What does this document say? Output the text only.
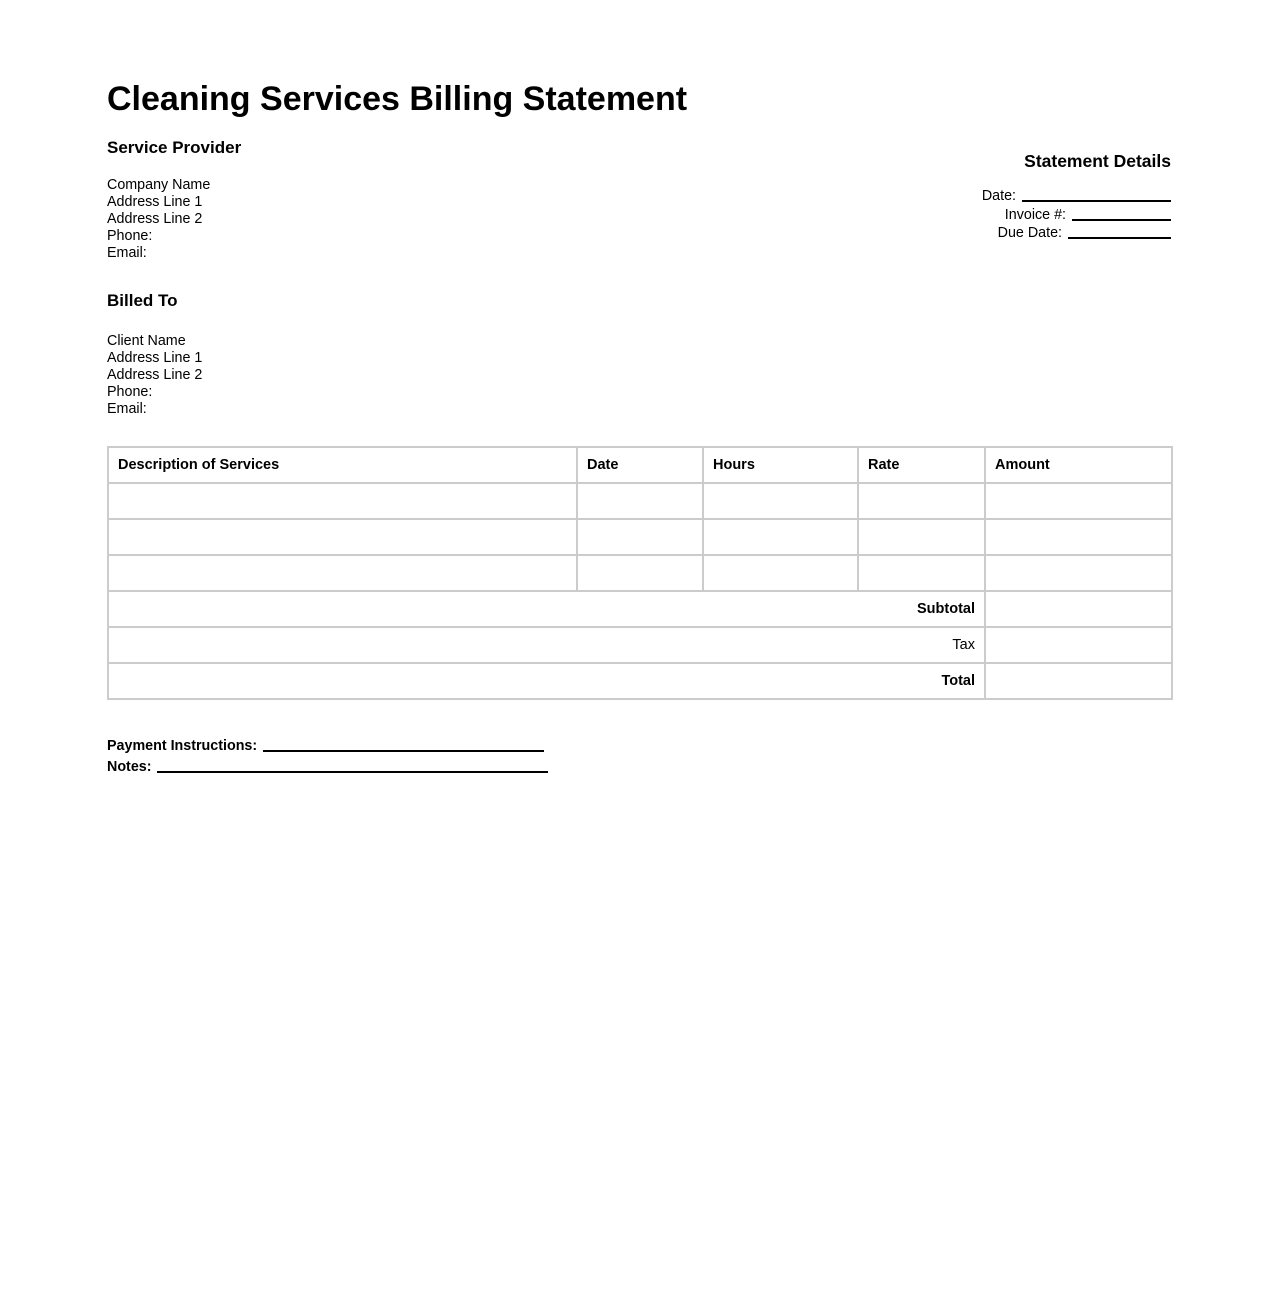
Cleaning Services Billing Statement
Service Provider
Company Name
Address Line 1
Address Line 2
Phone:
Email:
Statement Details
Date:
Invoice #:
Due Date:
Billed To
Client Name
Address Line 1
Address Line 2
Phone:
Email:
Description of Services	Date	Hours	Rate	Amount

Subtotal				
Tax				
Total				
Payment Instructions:
Notes:
